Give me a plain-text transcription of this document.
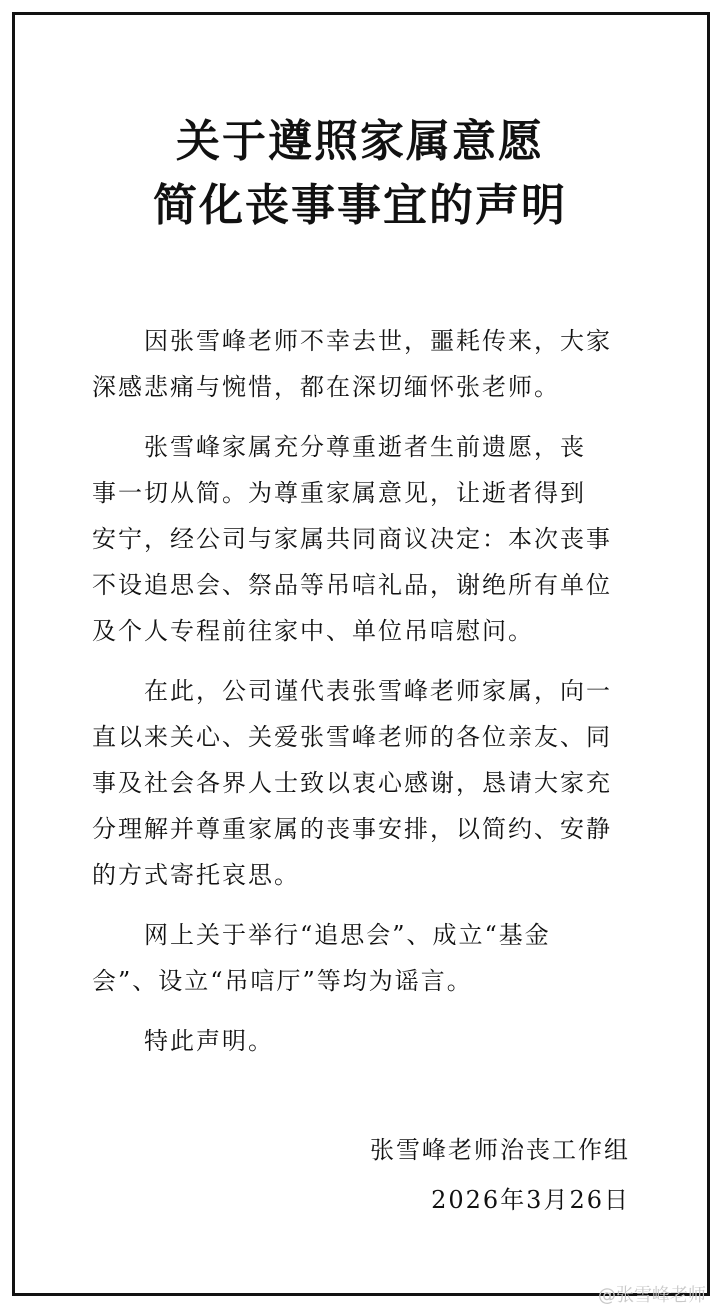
关于遵照家属意愿
简化丧事事宜的声明
因张雪峰老师不幸去世，噩耗传来，大家
深感悲痛与惋惜，都在深切缅怀张老师。
张雪峰家属充分尊重逝者生前遗愿，丧
事一切从简。为尊重家属意见，让逝者得到
安宁，经公司与家属共同商议决定：本次丧事
不设追思会、祭品等吊唁礼品，谢绝所有单位
及个人专程前往家中、单位吊唁慰问。
在此，公司谨代表张雪峰老师家属，向一
直以来关心、关爱张雪峰老师的各位亲友、同
事及社会各界人士致以衷心感谢，恳请大家充
分理解并尊重家属的丧事安排，以简约、安静
的方式寄托哀思。
网上关于举行“追思会”、成立“基金
会”、设立“吊唁厅”等均为谣言。
特此声明。
张雪峰老师治丧工作组
2026年3月26日
@张雪峰老师
